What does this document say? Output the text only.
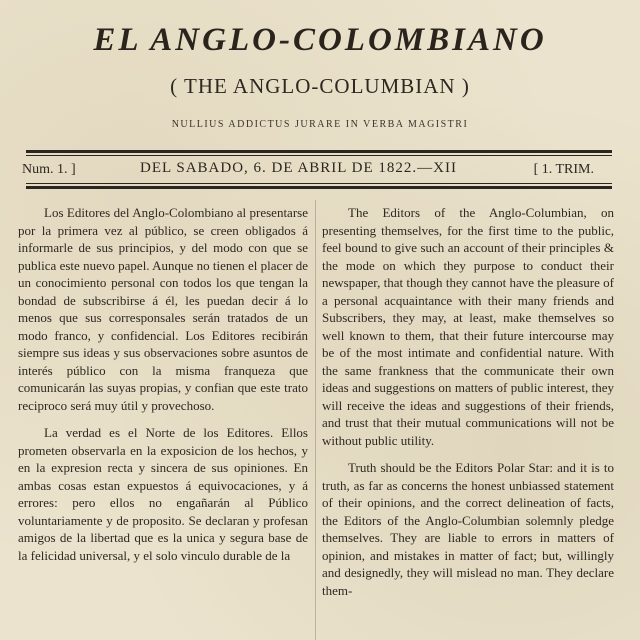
EL ANGLO-COLOMBIANO
( THE ANGLO-COLUMBIAN )
NULLIUS ADDICTUS JURARE IN VERBA MAGISTRI
Num. 1. ]	DEL SABADO, 6. DE ABRIL DE 1822.—XII	[ 1. TRIM.

Los Editores del Anglo-Colombiano al presentarse por la primera vez al público, se creen obligados á informarle de sus principios, y del modo con que se publica este nuevo papel. Aunque no tienen el placer de un conocimiento personal con todos los que tengan la bondad de subscribirse á él, les puedan decir á lo menos que sus corresponsales serán tratados de un modo franco, y confidencial. Los Editores recibirán siempre sus ideas y sus observaciones sobre asuntos de interés público con la misma franqueza que comunicarán las suyas propias, y confian que este trato reciproco será muy útil y provechoso.

La verdad es el Norte de los Editores. Ellos prometen observarla en la exposicion de los hechos, y en la expresion recta y sincera de sus opiniones. En ambas cosas estan expuestos á equivocaciones, y á errores: pero ellos no engañarán al Público voluntariamente y de proposito. Se declaran y profesan amigos de la libertad que es la unica y segura base de la felicidad universal, y el solo vinculo durable de la

The Editors of the Anglo-Columbian, on presenting themselves, for the first time to the public, feel bound to give such an account of their principles & the mode on which they purpose to conduct their newspaper, that though they cannot have the pleasure of a personal acquaintance with their many friends and Subscribers, they may, at least, make themselves so well known to them, that their future intercourse may be of the most intimate and confidential nature. With the same frankness that the communicate their own ideas and suggestions on matters of public interest, they will receive the ideas and suggestions of their friends, and trust that their mutual communications will not be without public utility.

Truth should be the Editors Polar Star: and it is to truth, as far as concerns the honest unbiassed statement of their opinions, and the correct delineation of facts, the Editors of the Anglo-Columbian solemnly pledge themselves. They are liable to errors in matters of opinion, and mistakes in matter of fact; but, willingly and designedly, they will mislead no man. They declare them-
